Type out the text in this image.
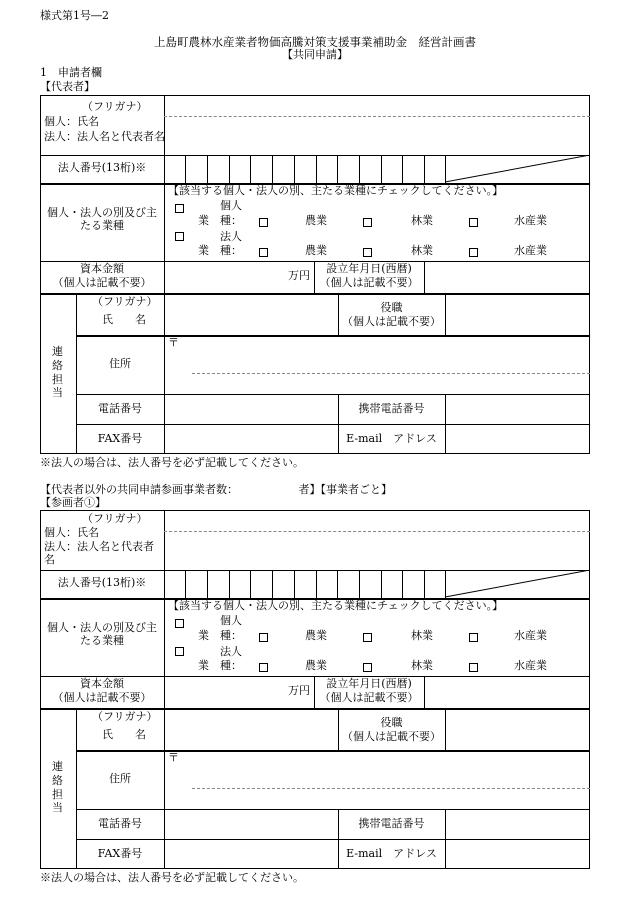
様式第1号―2
上島町農林水産業者物価高騰対策支援事業補助金　経営計画書
【共同申請】
1　申請者欄
【代表者】
（フリガナ）
個人：氏名
法人：法人名と代表者名
法人番号(13桁)※
個人・法人の別及び主たる業種
【該当する個人・法人の別、主たる業種にチェックしてください。】
個人
業　種：	農業	林業	水産業
法人
業　種：	農業	林業	水産業
資本金額
（個人は記載不要）
万円
設立年月日(西暦)
（個人は記載不要）
連絡担当
（フリガナ）
氏　　名
役職
（個人は記載不要）
〒
住所
電話番号	携帯電話番号
FAX番号	E-mail　アドレス
※法人の場合は、法人番号を必ず記載してください。
【代表者以外の共同申請参画事業者数：　　　　　　者】【事業者ごと】
【参画者①】
（フリガナ）
個人：氏名
法人：法人名と代表者名
法人番号(13桁)※
個人・法人の別及び主たる業種
【該当する個人・法人の別、主たる業種にチェックしてください。】
個人
業　種：	農業	林業	水産業
法人
業　種：	農業	林業	水産業
資本金額
（個人は記載不要）
万円
設立年月日(西暦)
（個人は記載不要）
連絡担当
（フリガナ）
氏　　名
役職
（個人は記載不要）
〒
住所
電話番号	携帯電話番号
FAX番号	E-mail　アドレス
※法人の場合は、法人番号を必ず記載してください。
